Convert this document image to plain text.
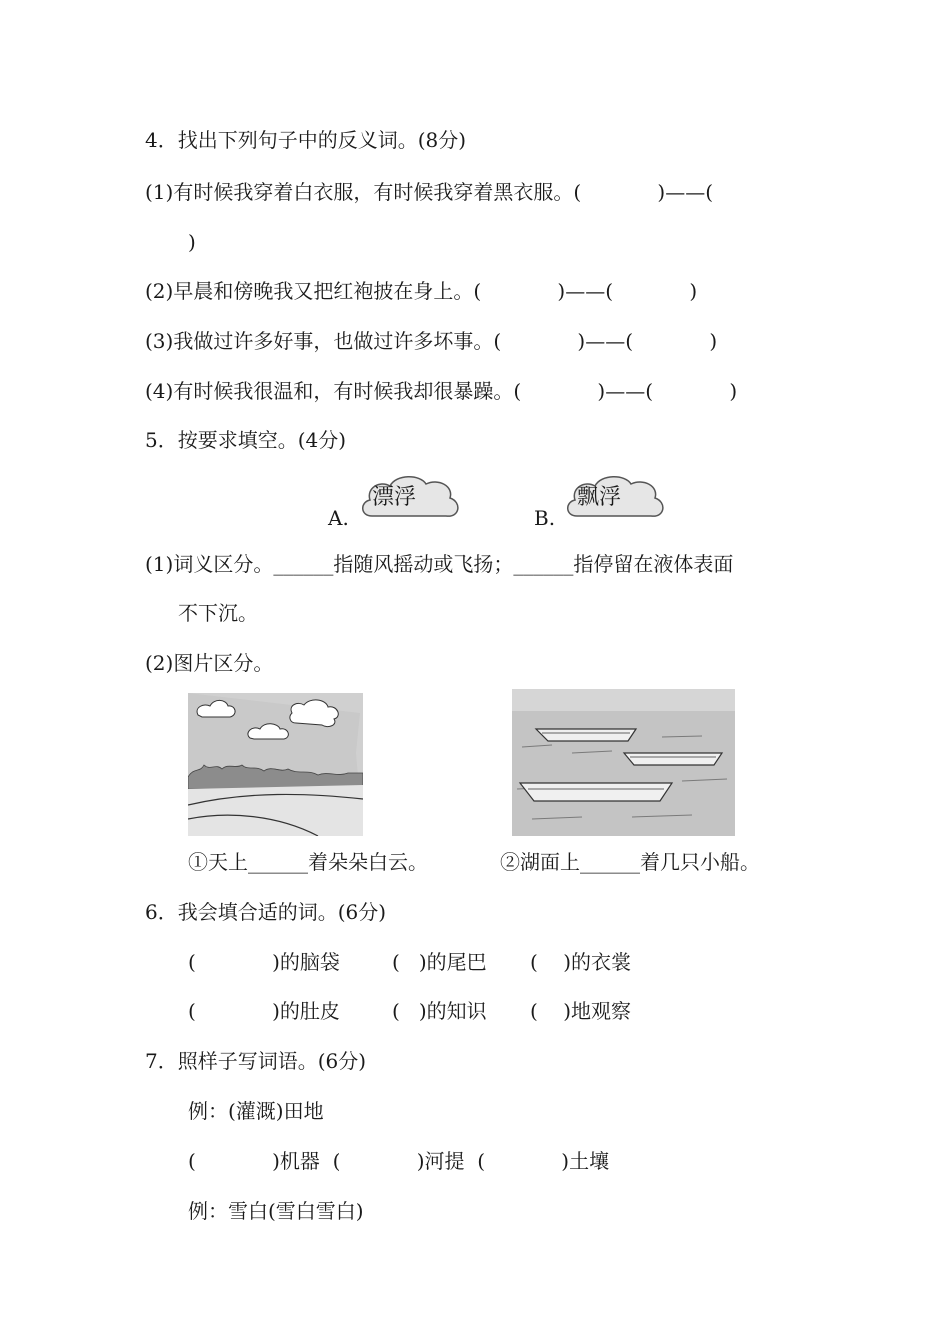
4．找出下列句子中的反义词。(8分)
(1)有时候我穿着白衣服，有时候我穿着黑衣服。(            )——(
)
(2)早晨和傍晚我又把红袍披在身上。(            )——(            )
(3)我做过许多好事，也做过许多坏事。(            )——(            )
(4)有时候我很温和，有时候我却很暴躁。(            )——(            )
5．按要求填空。(4分)
A.
漂浮
B.
飘浮
(1)词义区分。______指随风摇动或飞扬；______指停留在液体表面
不下沉。
(2)图片区分。
①天上______着朵朵白云。	②湖面上______着几只小船。
6．我会填合适的词。(6分)
(            )的脑袋	(   )的尾巴 (    )的衣裳
(            )的肚皮	(   )的知识 (    )地观察
7．照样子写词语。(6分)
例：(灌溉)田地
(            )机器  (            )河提  (            )土壤
例：雪白(雪白雪白)
